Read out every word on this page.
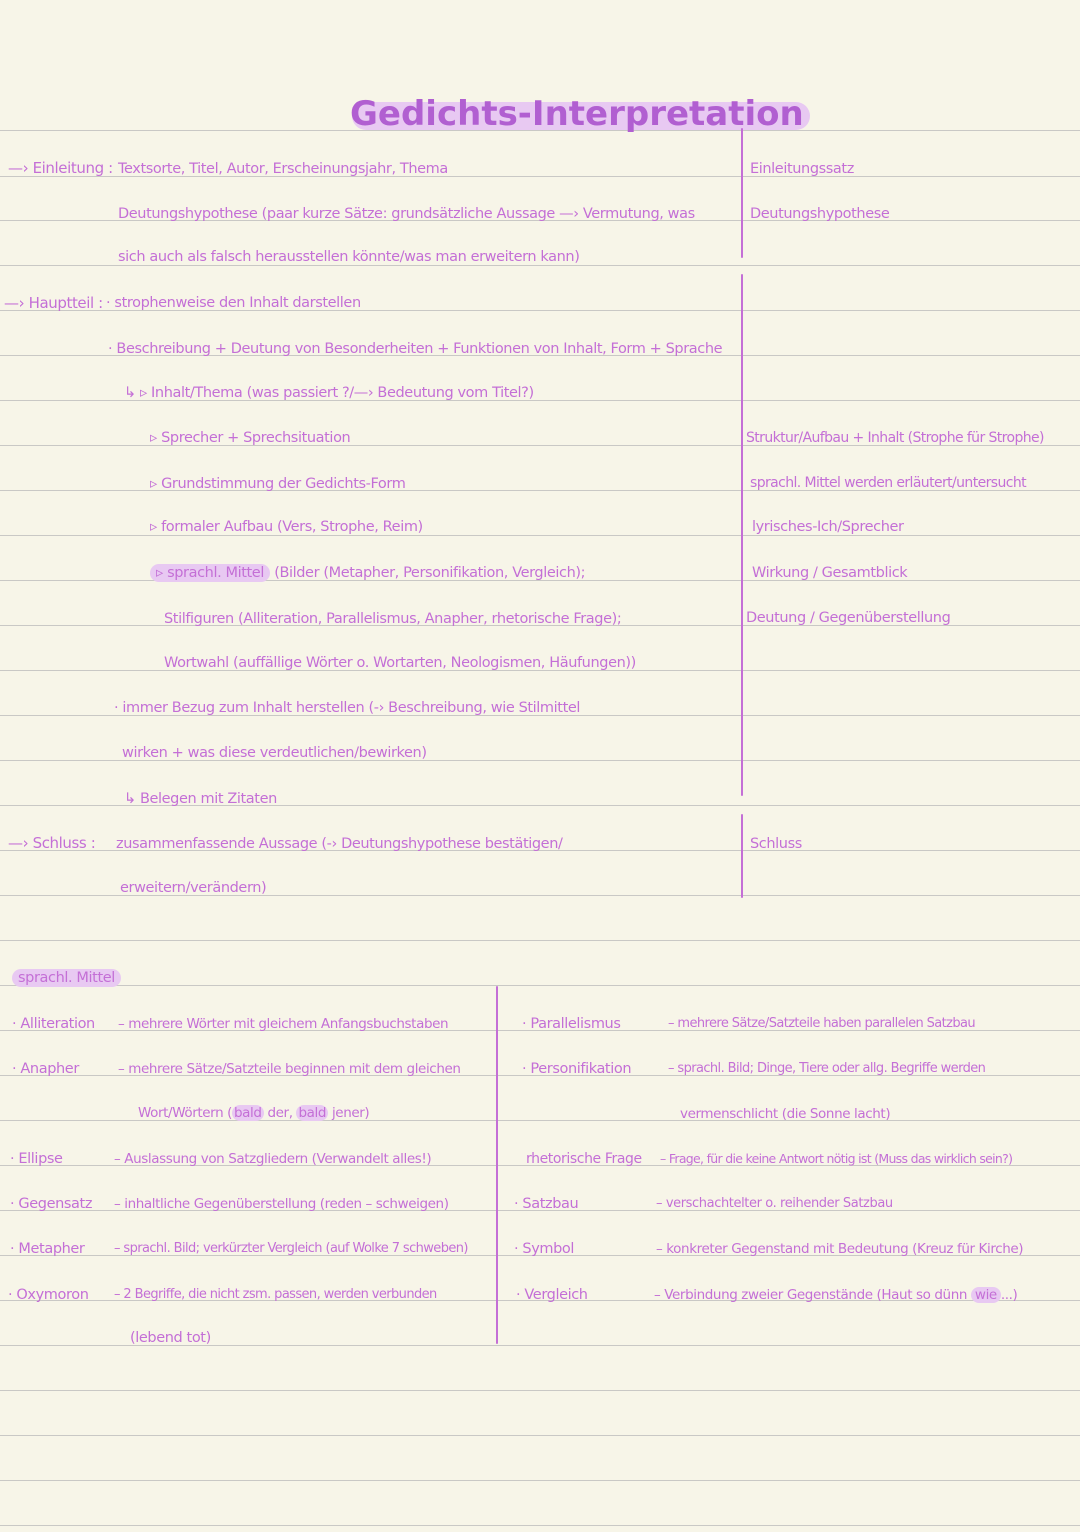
Gedichts-Interpretation
—› Einleitung : Textsorte, Titel, Autor, Erscheinungsjahr, Thema
Deutungshypothese (paar kurze Sätze: grundsätzliche Aussage —› Vermutung, was
sich auch als falsch herausstellen könnte/was man erweitern kann)
—› Hauptteil : · strophenweise den Inhalt darstellen
· Beschreibung + Deutung von Besonderheiten + Funktionen von Inhalt, Form + Sprache
↳ ▹ Inhalt/Thema (was passiert ?/—› Bedeutung vom Titel?)
▹ Sprecher + Sprechsituation
▹ Grundstimmung der Gedichts-Form
▹ formaler Aufbau (Vers, Strophe, Reim)
▹ sprachl. Mittel (Bilder (Metapher, Personifikation, Vergleich);
Stilfiguren (Alliteration, Parallelismus, Anapher, rhetorische Frage);
Wortwahl (auffällige Wörter o. Wortarten, Neologismen, Häufungen))
· immer Bezug zum Inhalt herstellen (-› Beschreibung, wie Stilmittel
wirken + was diese verdeutlichen/bewirken)
↳ Belegen mit Zitaten
—› Schluss : zusammenfassende Aussage (-› Deutungshypothese bestätigen/
erweitern/verändern)
Einleitungssatz
Deutungshypothese
Struktur/Aufbau + Inhalt (Strophe für Strophe)
sprachl. Mittel werden erläutert/untersucht
lyrisches-Ich/Sprecher
Wirkung / Gesamtblick
Deutung / Gegenüberstellung
Schluss
sprachl. Mittel
· Alliteration – mehrere Wörter mit gleichem Anfangsbuchstaben
· Anapher	– mehrere Sätze/Satzteile beginnen mit dem gleichen
Wort/Wörtern ( bald der, bald jener)
· Ellipse	– Auslassung von Satzgliedern (Verwandelt alles!)
· Gegensatz – inhaltliche Gegenüberstellung (reden – schweigen)
· Metapher – sprachl. Bild; verkürzter Vergleich (auf Wolke 7 schweben)
· Oxymoron – 2 Begriffe, die nicht zsm. passen, werden verbunden
(lebend tot)
· Parallelismus	– mehrere Sätze/Satzteile haben parallelen Satzbau
· Personifikation	– sprachl. Bild; Dinge, Tiere oder allg. Begriffe werden
vermenschlicht (die Sonne lacht)
rhetorische Frage – Frage, für die keine Antwort nötig ist (Muss das wirklich sein?)
· Satzbau	– verschachtelter o. reihender Satzbau
· Symbol	– konkreter Gegenstand mit Bedeutung (Kreuz für Kirche)
· Vergleich	– Verbindung zweier Gegenstände (Haut so dünn wie ...)
